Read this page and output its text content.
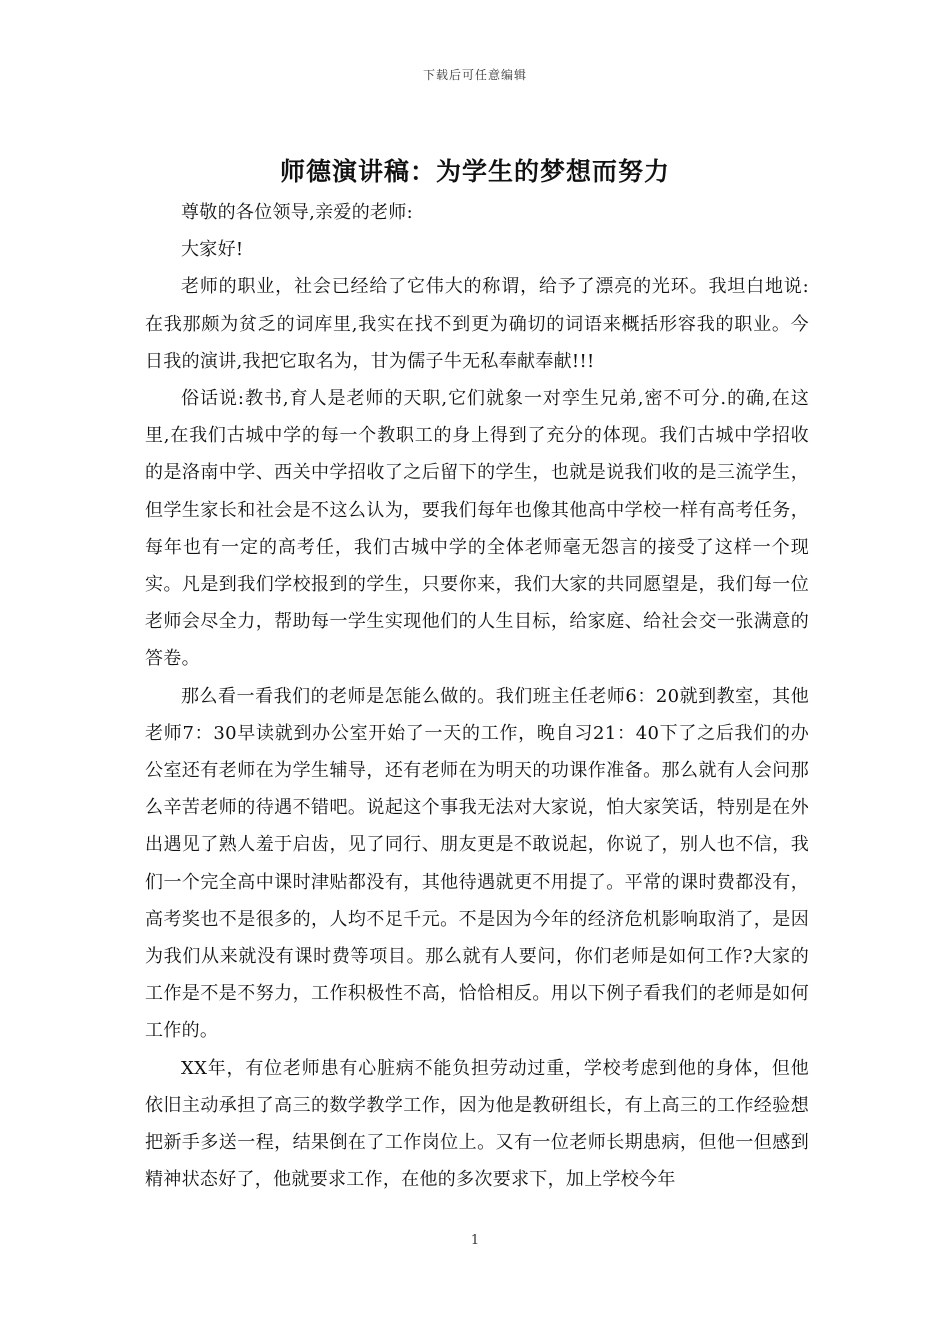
下载后可任意编辑
师德演讲稿：为学生的梦想而努力

尊敬的各位领导,亲爱的老师:

大家好!

老师的职业，社会已经给了它伟大的称谓，给予了漂亮的光环。我坦白地说:在我那颇为贫乏的词库里,我实在找不到更为确切的词语来概括形容我的职业。今日我的演讲,我把它取名为，甘为儒子牛无私奉献奉献!!!

俗话说:教书,育人是老师的天职,它们就象一对孪生兄弟,密不可分.的确,在这里,在我们古城中学的每一个教职工的身上得到了充分的体现。我们古城中学招收的是洛南中学、西关中学招收了之后留下的学生，也就是说我们收的是三流学生，但学生家长和社会是不这么认为，要我们每年也像其他高中学校一样有高考任务，每年也有一定的高考任，我们古城中学的全体老师毫无怨言的接受了这样一个现实。凡是到我们学校报到的学生，只要你来，我们大家的共同愿望是，我们每一位老师会尽全力，帮助每一学生实现他们的人生目标，给家庭、给社会交一张满意的答卷。

那么看一看我们的老师是怎能么做的。我们班主任老师6：20就到教室，其他老师7：30早读就到办公室开始了一天的工作，晚自习21：40下了之后我们的办公室还有老师在为学生辅导，还有老师在为明天的功课作准备。那么就有人会问那么辛苦老师的待遇不错吧。说起这个事我无法对大家说，怕大家笑话，特别是在外出遇见了熟人羞于启齿，见了同行、朋友更是不敢说起，你说了，别人也不信，我们一个完全高中课时津贴都没有，其他待遇就更不用提了。平常的课时费都没有，高考奖也不是很多的，人均不足千元。不是因为今年的经济危机影响取消了，是因为我们从来就没有课时费等项目。那么就有人要问，你们老师是如何工作?大家的工作是不是不努力，工作积极性不高，恰恰相反。用以下例子看我们的老师是如何工作的。

XX年，有位老师患有心脏病不能负担劳动过重，学校考虑到他的身体，但他依旧主动承担了高三的数学教学工作，因为他是教研组长，有上高三的工作经验想把新手多送一程，结果倒在了工作岗位上。又有一位老师长期患病，但他一但感到精神状态好了，他就要求工作，在他的多次要求下，加上学校今年

1
